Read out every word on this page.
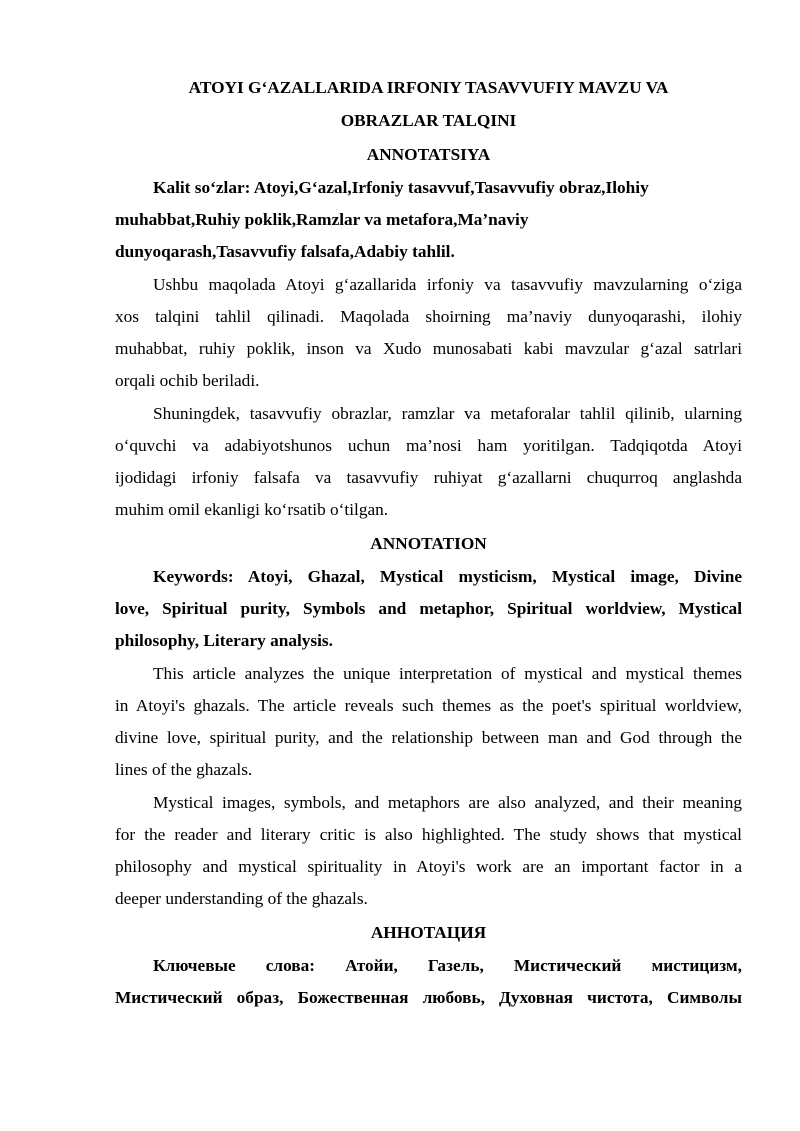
ATOYI G‘AZALLARIDA IRFONIY TASAVVUFIY MAVZU VA
OBRAZLAR TALQINI
ANNOTATSIYA
Kalit so‘zlar: Atoyi,G‘azal,Irfoniy tasavvuf,Tasavvufiy obraz,Ilohiy
muhabbat,Ruhiy poklik,Ramzlar va metafora,Ma’naviy
dunyoqarash,Tasavvufiy falsafa,Adabiy tahlil.
Ushbu maqolada Atoyi g‘azallarida irfoniy va tasavvufiy mavzularning o‘ziga
xos talqini tahlil qilinadi. Maqolada shoirning ma’naviy dunyoqarashi, ilohiy
muhabbat, ruhiy poklik, inson va Xudo munosabati kabi mavzular g‘azal satrlari
orqali ochib beriladi.
Shuningdek, tasavvufiy obrazlar, ramzlar va metaforalar tahlil qilinib, ularning
o‘quvchi va adabiyotshunos uchun ma’nosi ham yoritilgan. Tadqiqotda Atoyi
ijodidagi irfoniy falsafa va tasavvufiy ruhiyat g‘azallarni chuqurroq anglashda
muhim omil ekanligi ko‘rsatib o‘tilgan.
ANNOTATION
Keywords: Atoyi, Ghazal, Mystical mysticism, Mystical image, Divine
love, Spiritual purity, Symbols and metaphor, Spiritual worldview, Mystical
philosophy, Literary analysis.
This article analyzes the unique interpretation of mystical and mystical themes
in Atoyi's ghazals. The article reveals such themes as the poet's spiritual worldview,
divine love, spiritual purity, and the relationship between man and God through the
lines of the ghazals.
Mystical images, symbols, and metaphors are also analyzed, and their meaning
for the reader and literary critic is also highlighted. The study shows that mystical
philosophy and mystical spirituality in Atoyi's work are an important factor in a
deeper understanding of the ghazals.
АННОТАЦИЯ
Ключевые слова: Атойи, Газель, Мистический мистицизм,
Мистический образ, Божественная любовь, Духовная чистота, Символы
